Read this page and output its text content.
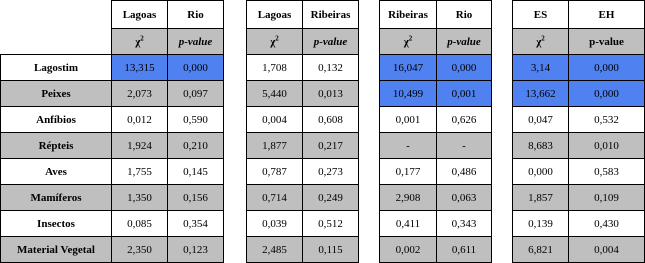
	Lagoas	Rio		Lagoas	Ribeiras		Ribeiras	Rio		ES	EH
	$\chi^2$	p-value		$\chi^2$	p-value		$\chi^2$	p-value		$\chi^2$	p-value
Lagostim	13,315	0,000		1,708	0,132		16,047	0,000		3,14	0,000
Peixes	2,073	0,097		5,440	0,013		10,499	0,001		13,662	0,000
Anfíbios	0,012	0,590		0,004	0,608		0,001	0,626		0,047	0,532
Répteis	1,924	0,210		1,877	0,217		-	-		8,683	0,010
Aves	1,755	0,145		0,787	0,273		0,177	0,486		0,000	0,583
Mamíferos	1,350	0,156		0,714	0,249		2,908	0,063		1,857	0,109
Insectos	0,085	0,354		0,039	0,512		0,411	0,343		0,139	0,430
Material Vegetal	2,350	0,123		2,485	0,115		0,002	0,611		6,821	0,004
